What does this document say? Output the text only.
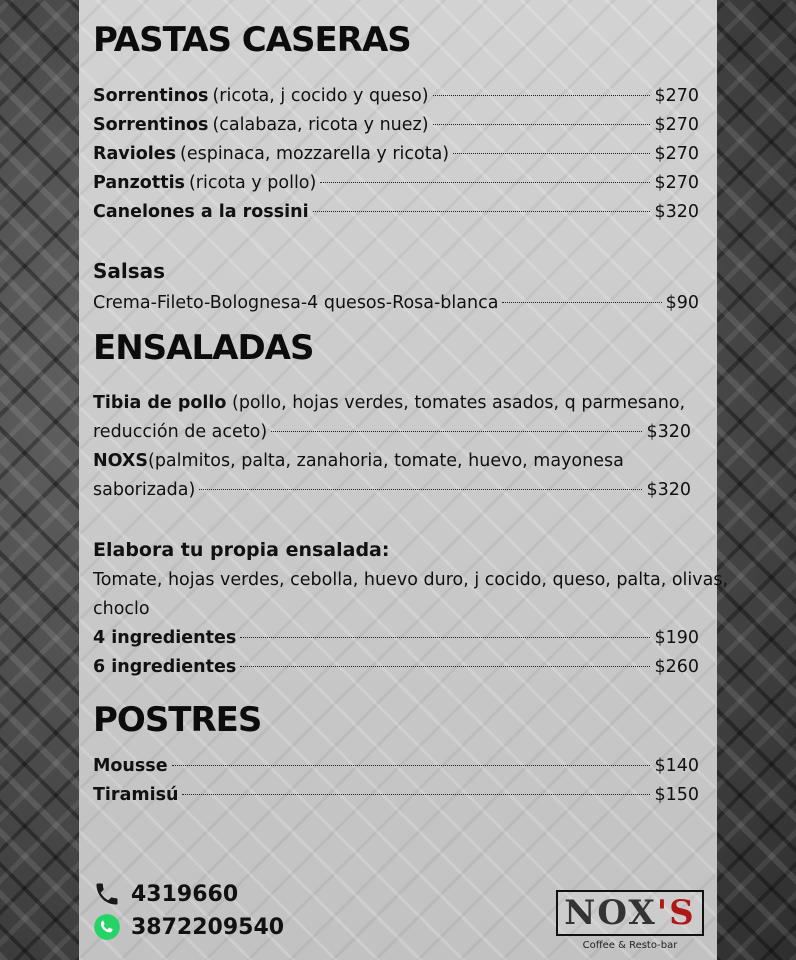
PASTAS CASERAS
Sorrentinos (ricota, j cocido y queso)	$270
Sorrentinos (calabaza, ricota y nuez)	$270
Ravioles (espinaca, mozzarella y ricota)	$270
Panzottis (ricota y pollo)	$270
Canelones a la rossini	$320
Salsas
Crema-Fileto-Bolognesa-4 quesos-Rosa-blanca	$90
ENSALADAS
Tibia de pollo (pollo, hojas verdes, tomates asados, q parmesano,
reducción de aceto)	$320
NOXS(palmitos, palta, zanahoria, tomate, huevo, mayonesa
saborizada)	$320
Elabora tu propia ensalada:
Tomate, hojas verdes, cebolla, huevo duro, j cocido, queso, palta, olivas,
choclo
4 ingredientes	$190
6 ingredientes	$260
POSTRES
Mousse	$140
Tiramisú	$150
4319660
3872209540	NOX'S
Coffee & Resto-bar
